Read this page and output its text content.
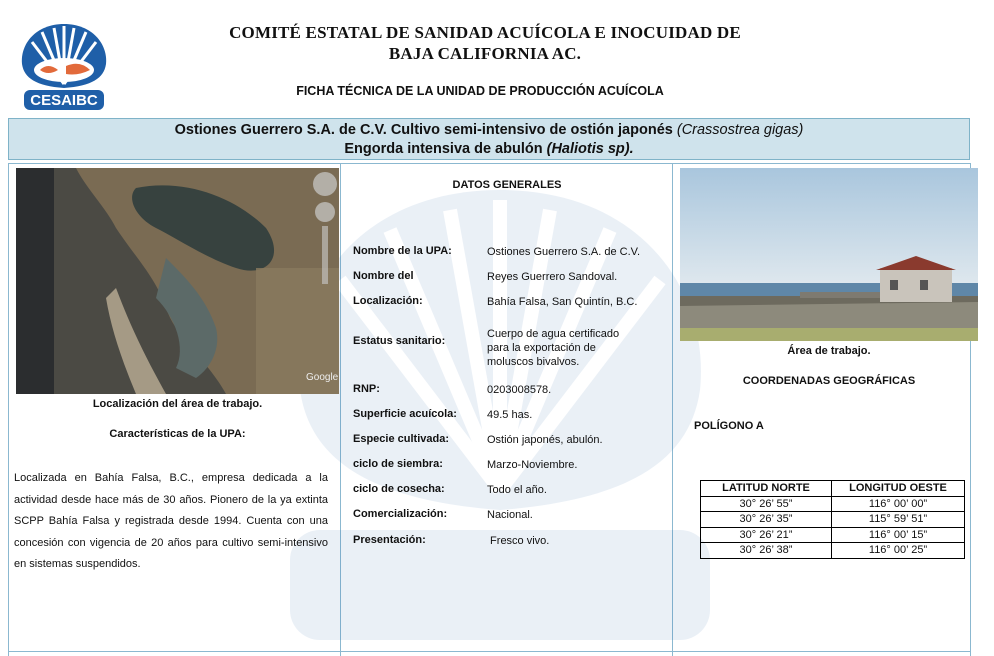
CESAIBC
COMITÉ ESTATAL DE SANIDAD ACUÍCOLA E INOCUIDAD DE
BAJA CALIFORNIA AC.
FICHA TÉCNICA DE LA UNIDAD DE PRODUCCIÓN ACUÍCOLA
Ostiones Guerrero S.A. de C.V. Cultivo semi-intensivo de ostión japonés (Crassostrea gigas)
Engorda intensiva de abulón (Haliotis sp).
Google
Localización del área de trabajo.
Características de la UPA:
Localizada en Bahía Falsa, B.C., empresa dedicada a la actividad desde hace más de 30 años. Pionero de la ya extinta SCPP Bahía Falsa y registrada desde 1994. Cuenta con una concesión con vigencia de 20 años para cultivo semi-intensivo en sistemas suspendidos.
DATOS GENERALES
Nombre de la UPA:	Ostiones Guerrero S.A. de C.V.
Nombre del	Reyes Guerrero Sandoval.
Localización:	Bahía Falsa, San Quintín, B.C.
Estatus sanitario:
Cuerpo de agua certificado para la exportación de moluscos bivalvos.
RNP:	0203008578.
Superficie acuícola:	49.5 has.
Especie cultivada:	Ostión japonés, abulón.
ciclo de siembra:	Marzo-Noviembre.
ciclo de cosecha:	Todo el año.
Comercialización:	Nacional.
Presentación:	Fresco vivo.
Área de trabajo.
COORDENADAS GEOGRÁFICAS
POLÍGONO A
LATITUD NORTE	LONGITUD OESTE
30° 26’ 55”	116° 00’ 00”
30° 26’ 35”	115° 59’ 51”
30° 26’ 21”	116° 00’ 15”
30° 26’ 38”	116° 00’ 25”
